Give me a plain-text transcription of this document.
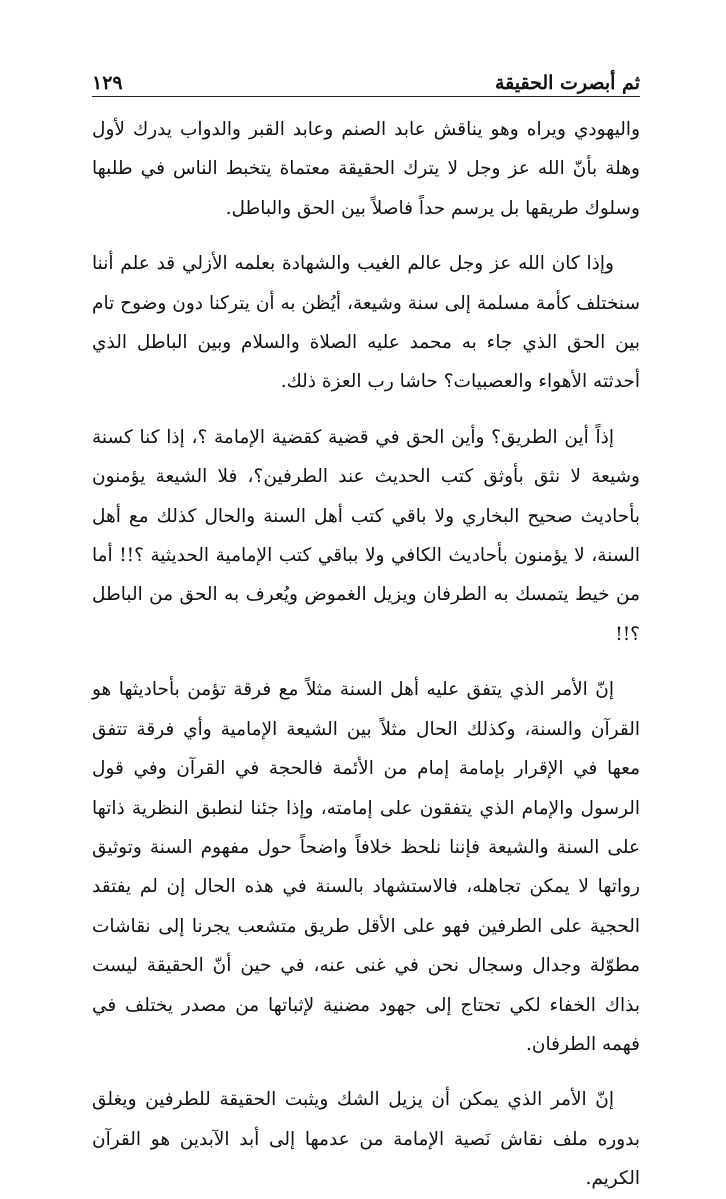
ثم أبصرت الحقيقة
١٢٩

واليهودي ويراه وهو يناقش عابد الصنم وعابد القبر والدواب يدرك لأول وهلة بأنّ الله عز وجل لا يترك الحقيقة معتماة يتخبط الناس في طلبها وسلوك طريقها بل يرسم حداً فاصلاً بين الحق والباطل.

وإذا كان الله عز وجل عالم الغيب والشهادة بعلمه الأزلي قد علم أننا سنختلف كأمة مسلمة إلى سنة وشيعة، أيُظن به أن يتركنا دون وضوح تام بين الحق الذي جاء به محمد عليه الصلاة والسلام وبين الباطل الذي أحدثته الأهواء والعصبيات؟ حاشا رب العزة ذلك.

إذاً أين الطريق؟ وأين الحق في قضية كقضية الإمامة ؟، إذا كنا كسنة وشيعة لا نثق بأوثق كتب الحديث عند الطرفين؟، فلا الشيعة يؤمنون بأحاديث صحيح البخاري ولا باقي كتب أهل السنة والحال كذلك مع أهل السنة، لا يؤمنون بأحاديث الكافي ولا بباقي كتب الإمامية الحديثية ؟!! أما من خيط يتمسك به الطرفان ويزيل الغموض ويُعرف به الحق من الباطل ؟!!

إنّ الأمر الذي يتفق عليه أهل السنة مثلاً مع فرقة تؤمن بأحاديثها هو القرآن والسنة، وكذلك الحال مثلاً بين الشيعة الإمامية وأي فرقة تتفق معها في الإقرار بإمامة إمام من الأئمة فالحجة في القرآن وفي قول الرسول والإمام الذي يتفقون على إمامته، وإذا جئنا لنطبق النظرية ذاتها على السنة والشيعة فإننا نلحظ خلافاً واضحاً حول مفهوم السنة وتوثيق رواتها لا يمكن تجاهله، فالاستشهاد بالسنة في هذه الحال إن لم يفتقد الحجية على الطرفين فهو على الأقل طريق متشعب يجرنا إلى نقاشات مطوّلة وجدال وسجال نحن في غنى عنه، في حين أنّ الحقيقة ليست بذاك الخفاء لكي تحتاج إلى جهود مضنية لإثباتها من مصدر يختلف في فهمه الطرفان.

إنّ الأمر الذي يمكن أن يزيل الشك ويثبت الحقيقة للطرفين ويغلق بدوره ملف نقاش نَصية الإمامة من عدمها إلى أبد الآبدين هو القرآن الكريم.
